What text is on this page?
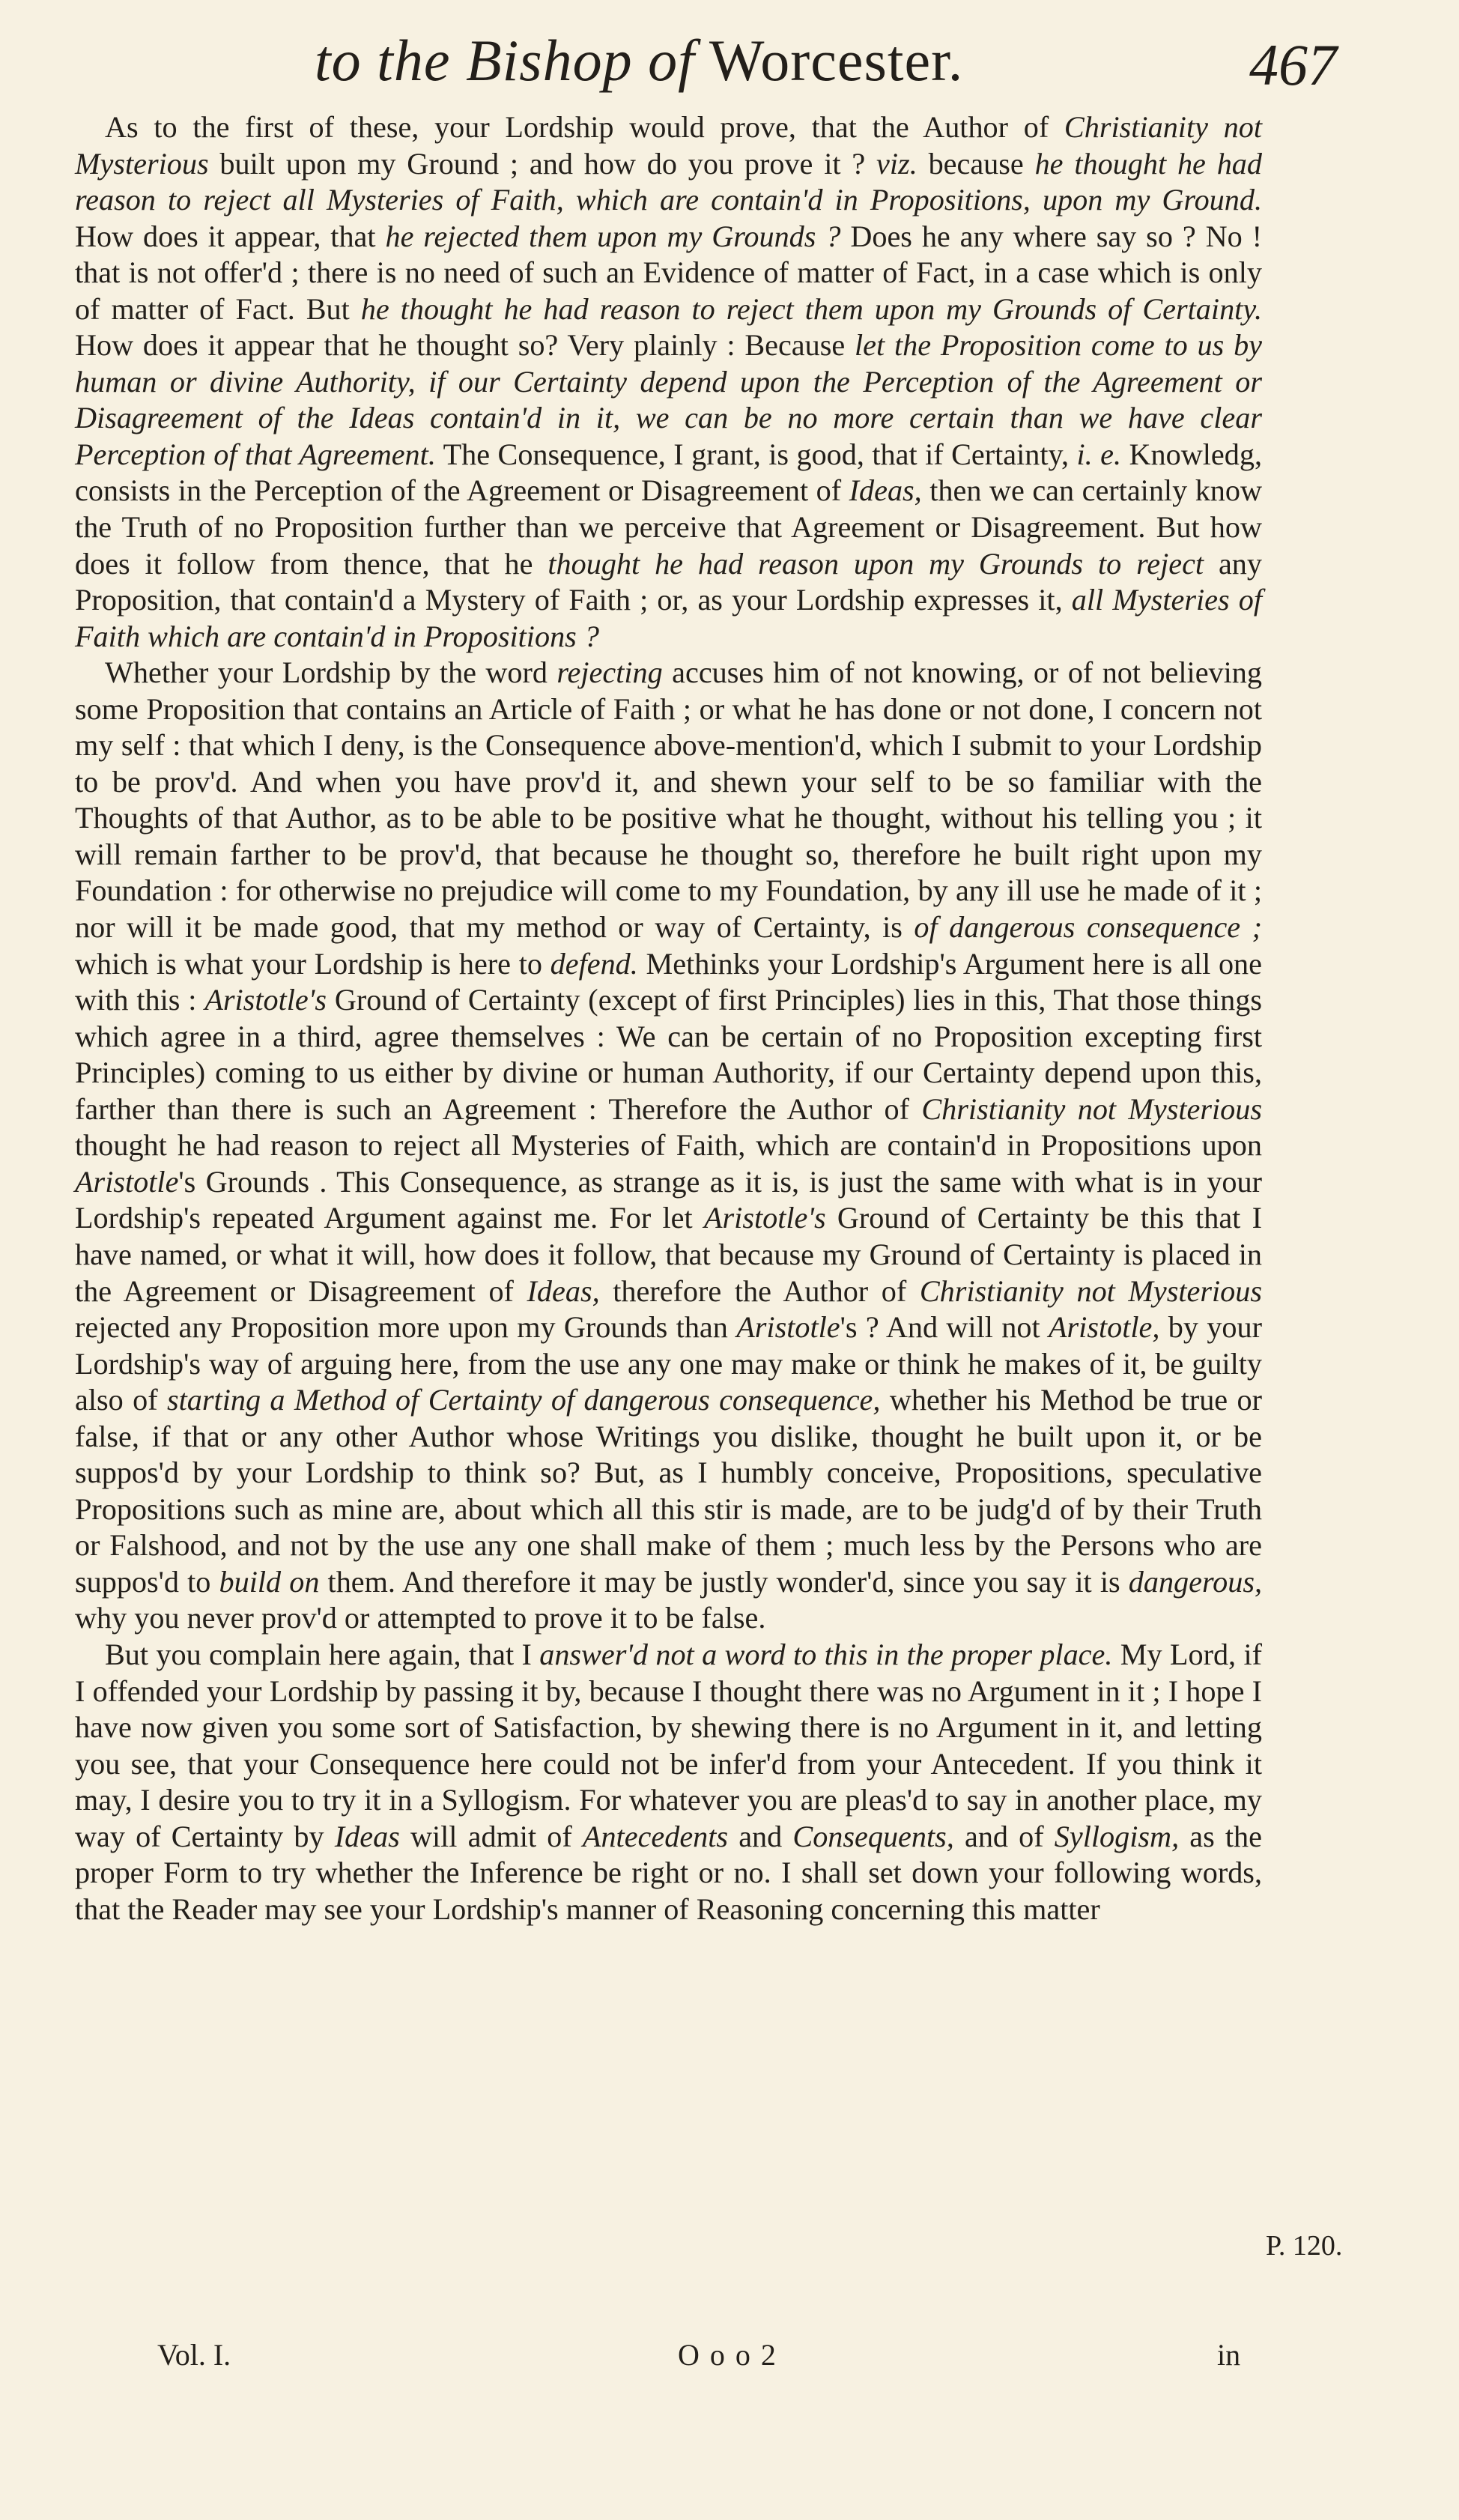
to the Bishop of Worcester.	467

As to the first of these, your Lordship would prove, that the Author of Christianity not Mysterious built upon my Ground ; and how do you prove it ? viz. because he thought he had reason to reject all Mysteries of Faith, which are contain'd in Propositions, upon my Ground. How does it appear, that he rejected them upon my Grounds ? Does he any where say so ? No ! that is not offer'd ; there is no need of such an Evidence of matter of Fact, in a case which is only of matter of Fact. But he thought he had reason to reject them upon my Grounds of Certainty. How does it appear that he thought so? Very plainly : Because let the Proposition come to us by human or divine Authority, if our Certainty depend upon the Perception of the Agreement or Disagreement of the Ideas contain'd in it, we can be no more certain than we have clear Perception of that Agreement. The Consequence, I grant, is good, that if Certainty, i. e. Knowledg, consists in the Perception of the Agreement or Disagreement of Ideas, then we can certainly know the Truth of no Proposition further than we perceive that Agreement or Disagreement. But how does it follow from thence, that he thought he had reason upon my Grounds to reject any Proposition, that contain'd a Mystery of Faith ; or, as your Lordship expresses it, all Mysteries of Faith which are contain'd in Propositions ?

Whether your Lordship by the word rejecting accuses him of not knowing, or of not believing some Proposition that contains an Article of Faith ; or what he has done or not done, I concern not my self : that which I deny, is the Consequence above-mention'd, which I submit to your Lordship to be prov'd. And when you have prov'd it, and shewn your self to be so familiar with the Thoughts of that Author, as to be able to be positive what he thought, without his telling you ; it will remain farther to be prov'd, that because he thought so, therefore he built right upon my Foundation : for otherwise no prejudice will come to my Foundation, by any ill use he made of it ; nor will it be made good, that my method or way of Certainty, is of dangerous consequence ; which is what your Lordship is here to defend. Methinks your Lordship's Argument here is all one with this : Aristotle's Ground of Certainty (except of first Principles) lies in this, That those things which agree in a third, agree themselves : We can be certain of no Proposition excepting first Principles) coming to us either by divine or human Authority, if our Certainty depend upon this, farther than there is such an Agreement : Therefore the Author of Christianity not Mysterious thought he had reason to reject all Mysteries of Faith, which are contain'd in Propositions upon Aristotle's Grounds . This Consequence, as strange as it is, is just the same with what is in your Lordship's repeated Argument against me. For let Aristotle's Ground of Certainty be this that I have named, or what it will, how does it follow, that because my Ground of Certainty is placed in the Agreement or Disagreement of Ideas, therefore the Author of Christianity not Mysterious rejected any Proposition more upon my Grounds than Aristotle's ? And will not Aristotle, by your Lordship's way of arguing here, from the use any one may make or think he makes of it, be guilty also of starting a Method of Certainty of dangerous consequence, whether his Method be true or false, if that or any other Author whose Writings you dislike, thought he built upon it, or be suppos'd by your Lordship to think so? But, as I humbly conceive, Propositions, speculative Propositions such as mine are, about which all this stir is made, are to be judg'd of by their Truth or Falshood, and not by the use any one shall make of them ; much less by the Persons who are suppos'd to build on them. And therefore it may be justly wonder'd, since you say it is dangerous, why you never prov'd or attempted to prove it to be false.

But you complain here again, that I answer'd not a word to this in the proper place. My Lord, if I offended your Lordship by passing it by, because I thought there was no Argument in it ; I hope I have now given you some sort of Satisfaction, by shewing there is no Argument in it, and letting you see, that your Consequence here could not be infer'd from your Antecedent. If you think it may, I desire you to try it in a Syllogism. For whatever you are pleas'd to say in another place, my way of Certainty by Ideas will admit of Antecedents and Consequents, and of Syllogism, as the proper Form to try whether the Inference be right or no. I shall set down your following words, that the Reader may see your Lordship's manner of Reasoning concerning this matter

P. 120.
Vol. I.	O o o 2	in
